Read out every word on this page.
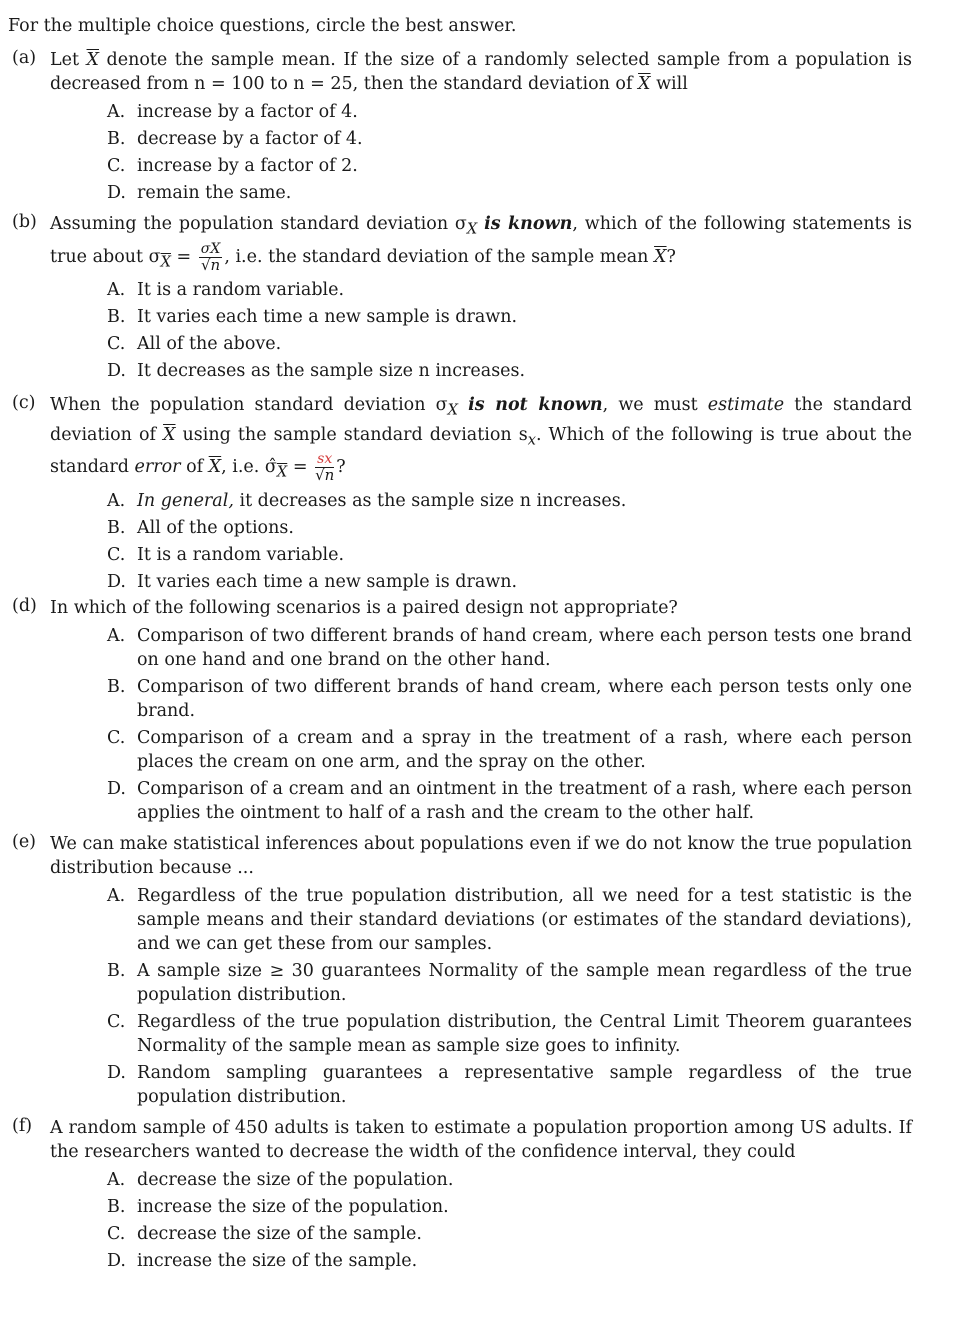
For the multiple choice questions, circle the best answer.
(a) Let $\overline{X}$ denote the sample mean. If the size of a randomly selected sample from a population is decreased from n = 100 to n = 25, then the standard deviation of $\overline{X}$ will
A. increase by a factor of 4.
B. decrease by a factor of 4.
C. increase by a factor of 2.
D. remain the same.
(b) Assuming the population standard deviation $\sigma_X$ is known, which of the following statements is true about $\sigma_{\overline{X}} = \frac{\sigma X}{√n}$ , i.e. the standard deviation of the sample mean $\overline{X}$?
A. It is a random variable.
B. It varies each time a new sample is drawn.
C. All of the above.
D. It decreases as the sample size n increases.
(c) When the population standard deviation $\sigma_X$ is not known, we must estimate the standard deviation of $\overline{X}$ using the sample standard deviation $s_x$. Which of the following is true about the standard error of $\overline{X}$, i.e. $\sigmâ_{\overline{X}} = \frac{sx}{√n}$ ?
A. In general, it decreases as the sample size n increases.
B. All of the options.
C. It is a random variable.
D. It varies each time a new sample is drawn.
(d) In which of the following scenarios is a paired design not appropriate?
A. Comparison of two different brands of hand cream, where each person tests one brand on one hand and one brand on the other hand.
B. Comparison of two different brands of hand cream, where each person tests only one brand.
C. Comparison of a cream and a spray in the treatment of a rash, where each person places the cream on one arm, and the spray on the other.
D. Comparison of a cream and an ointment in the treatment of a rash, where each person applies the ointment to half of a rash and the cream to the other half.
(e) We can make statistical inferences about populations even if we do not know the true population distribution because ...
A. Regardless of the true population distribution, all we need for a test statistic is the sample means and their standard deviations (or estimates of the standard deviations), and we can get these from our samples.
B. A sample size ≥ 30 guarantees Normality of the sample mean regardless of the true population distribution.
C. Regardless of the true population distribution, the Central Limit Theorem guarantees Normality of the sample mean as sample size goes to infinity.
D. Random sampling guarantees a representative sample regardless of the true population distribution.
(f) A random sample of 450 adults is taken to estimate a population proportion among US adults. If the researchers wanted to decrease the width of the confidence interval, they could
A. decrease the size of the population.
B. increase the size of the population.
C. decrease the size of the sample.
D. increase the size of the sample.
